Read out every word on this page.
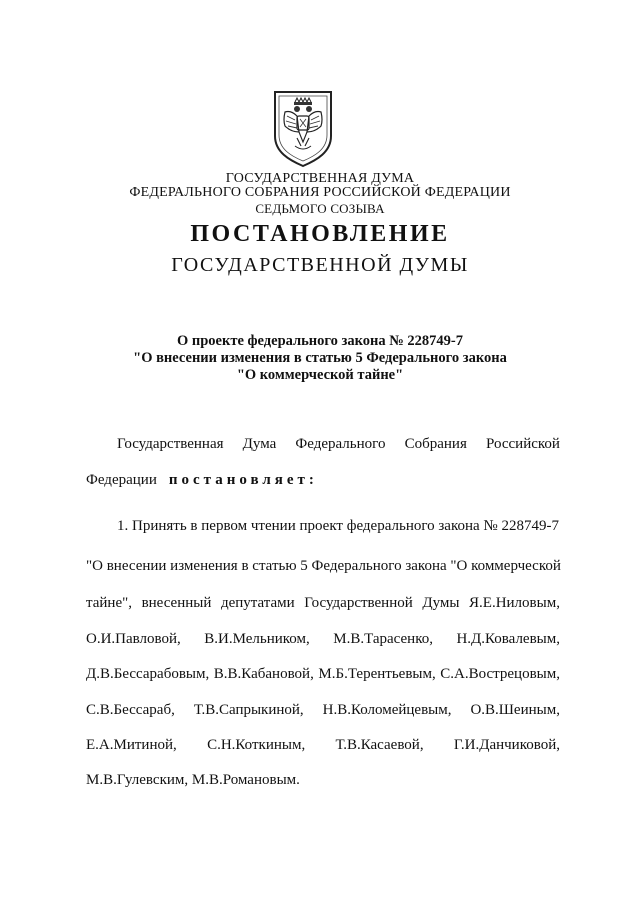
ГОСУДАРСТВЕННАЯ ДУМА
ФЕДЕРАЛЬНОГО СОБРАНИЯ РОССИЙСКОЙ ФЕДЕРАЦИИ
СЕДЬМОГО СОЗЫВА
ПОСТАНОВЛЕНИЕ
ГОСУДАРСТВЕННОЙ ДУМЫ
О проекте федерального закона № 228749-7
"О внесении изменения в статью 5 Федерального закона
"О коммерческой тайне"
Государственная Дума Федерального Собрания Российской
Федерации постановляет:
1. Принять в первом чтении проект федерального закона № 228749-7
"О внесении изменения в статью 5 Федерального закона "О коммерческой
тайне", внесенный депутатами Государственной Думы Я.Е.Ниловым,
О.И.Павловой, В.И.Мельником, М.В.Тарасенко, Н.Д.Ковалевым,
Д.В.Бессарабовым, В.В.Кабановой, М.Б.Терентьевым, С.А.Вострецовым,
С.В.Бессараб, Т.В.Сапрыкиной, Н.В.Коломейцевым, О.В.Шеиным,
Е.А.Митиной, С.Н.Коткиным, Т.В.Касаевой, Г.И.Данчиковой,
М.В.Гулевским, М.В.Романовым.
